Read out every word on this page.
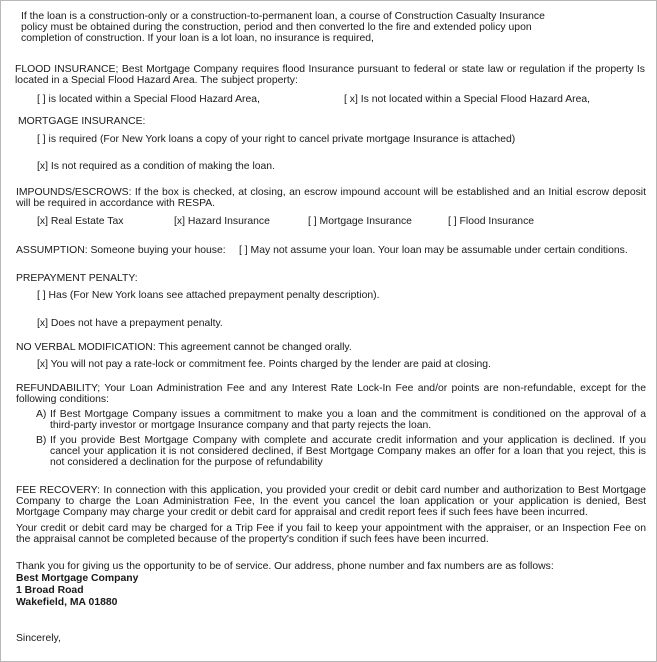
If the loan is a construction-only or a construction-to-permanent loan, a course of Construction Casualty Insurance
policy must be obtained during the construction, period and then converted lo the fire and extended policy upon
completion of construction. If your loan is a lot loan, no insurance is required,
FLOOD INSURANCE; Best Mortgage Company requires flood Insurance pursuant to federal or state law or regulation if the property Is located in a Special Flood Hazard Area. The subject property:
[ ] is located within a Special Flood Hazard Area,	[ x] Is not located within a Special Flood Hazard Area,
MORTGAGE INSURANCE:
[ ] is required (For New York loans a copy of your right to cancel private mortgage Insurance is attached)
[x] Is not required as a condition of making the loan.
IMPOUNDS/ESCROWS: If the box is checked, at closing, an escrow impound account will be established and an Initial escrow deposit will be required in accordance with RESPA.
[x] Real Estate Tax	[x] Hazard Insurance	[ ] Mortgage Insurance	[ ] Flood Insurance
ASSUMPTION: Someone buying your house: [ ] May not assume your loan. Your loan may be assumable under certain conditions.
PREPAYMENT PENALTY:
[ ] Has (For New York loans see attached prepayment penalty description).
[x] Does not have a prepayment penalty.
NO VERBAL MODIFICATION: This agreement cannot be changed orally.
[x] You will not pay a rate-lock or commitment fee. Points charged by the lender are paid at closing.
REFUNDABILITY; Your Loan Administration Fee and any Interest Rate Lock-In Fee and/or points are non-refundable, except for the following conditions:
A) If Best Mortgage Company issues a commitment to make you a loan and the commitment is conditioned on the approval of a third-party investor or mortgage Insurance company and that party rejects the loan.
B) If you provide Best Mortgage Company with complete and accurate credit information and your application is declined. If you cancel your application it is not considered declined, if Best Mortgage Company makes an offer for a loan that you reject, this is not considered a declination for the purpose of refundability
FEE RECOVERY: In connection with this application, you provided your credit or debit card number and authorization to Best Mortgage Company to charge the Loan Administration Fee, In the event you cancel the loan application or your application is denied, Best Mortgage Company may charge your credit or debit card for appraisal and credit report fees if such fees have been incurred.
Your credit or debit card may be charged for a Trip Fee if you fail to keep your appointment with the appraiser, or an Inspection Fee on the appraisal cannot be completed because of the property's condition if such fees have been incurred.
Thank you for giving us the opportunity to be of service. Our address, phone number and fax numbers are as follows:
Best Mortgage Company
1 Broad Road
Wakefield, MA 01880
Sincerely,
